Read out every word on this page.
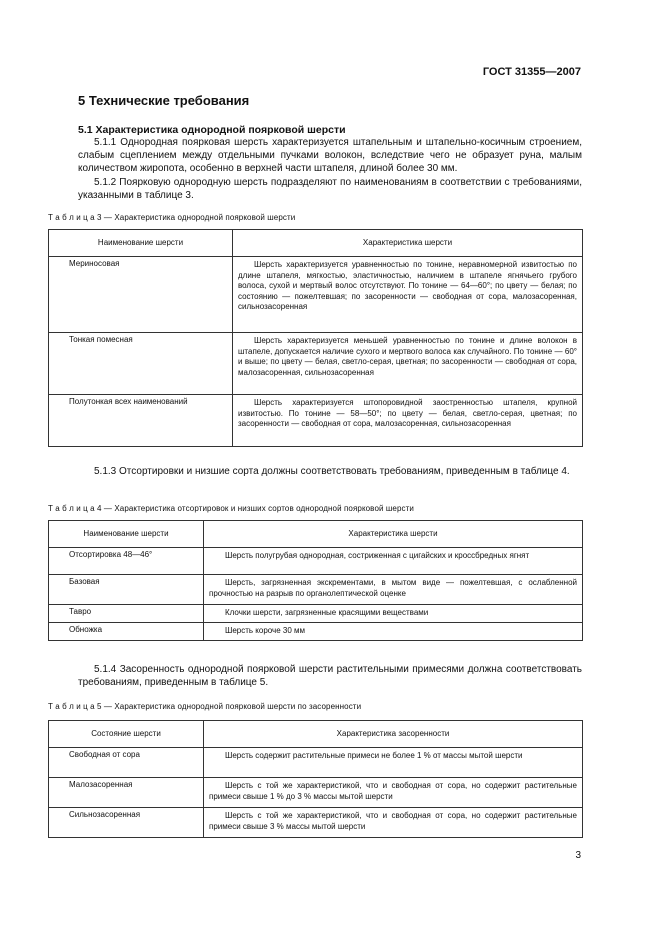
ГОСТ 31355—2007
5 Технические требования
5.1 Характеристика однородной поярковой шерсти
5.1.1 Однородная поярковая шерсть характеризуется штапельным и штапельно-косичным строением, слабым сцеплением между отдельными пучками волокон, вследствие чего не образует руна, малым количеством жиропота, особенно в верхней части штапеля, длиной более 30 мм.
5.1.2 Поярковую однородную шерсть подразделяют по наименованиям в соответствии с требованиями, указанными в таблице 3.
Т а б л и ц а 3 — Характеристика однородной поярковой шерсти
Наименование шерсти	Характеристика шерсти
Мериносовая	Шерсть характеризуется уравненностью по тонине, неравномерной извитостью по длине штапеля, мягкостью, эластичностью, наличием в штапеле ягнячьего грубого волоса, сухой и мертвый волос отсутствуют. По тонине — 64—60°; по цвету — белая; по состоянию — пожелтевшая; по засоренности — свободная от сора, малозасоренная, сильнозасоренная
Тонкая помесная	Шерсть характеризуется меньшей уравненностью по тонине и длине волокон в штапеле, допускается наличие сухого и мертвого волоса как случайного. По тонине — 60° и выше; по цвету — белая, светло-серая, цветная; по засоренности — свободная от сора, малозасоренная, сильнозасоренная
Полутонкая всех наименований	Шерсть характеризуется штопоровидной заостренностью штапеля, крупной извитостью. По тонине — 58—50°; по цвету — белая, светло-серая, цветная; по засоренности — свободная от сора, малозасоренная, сильнозасоренная
5.1.3 Отсортировки и низшие сорта должны соответствовать требованиям, приведенным в таблице 4.
Т а б л и ц а 4 — Характеристика отсортировок и низших сортов однородной поярковой шерсти
Наименование шерсти	Характеристика шерсти
Отсортировка 48—46°	Шерсть полугрубая однородная, состриженная с цигайских и кроссбредных ягнят
Базовая	Шерсть, загрязненная экскрементами, в мытом виде — пожелтевшая, с ослабленной прочностью на разрыв по органолептической оценке
Тавро	Клочки шерсти, загрязненные красящими веществами
Обножка	Шерсть короче 30 мм
5.1.4 Засоренность однородной поярковой шерсти растительными примесями должна соответствовать требованиям, приведенным в таблице 5.
Т а б л и ц а 5 — Характеристика однородной поярковой шерсти по засоренности
Состояние шерсти	Характеристика засоренности
Свободная от сора	Шерсть содержит растительные примеси не более 1 % от массы мытой шерсти
Малозасоренная	Шерсть с той же характеристикой, что и свободная от сора, но содержит растительные примеси свыше 1 % до 3 % массы мытой шерсти
Сильнозасоренная	Шерсть с той же характеристикой, что и свободная от сора, но содержит растительные примеси свыше 3 % массы мытой шерсти
3
